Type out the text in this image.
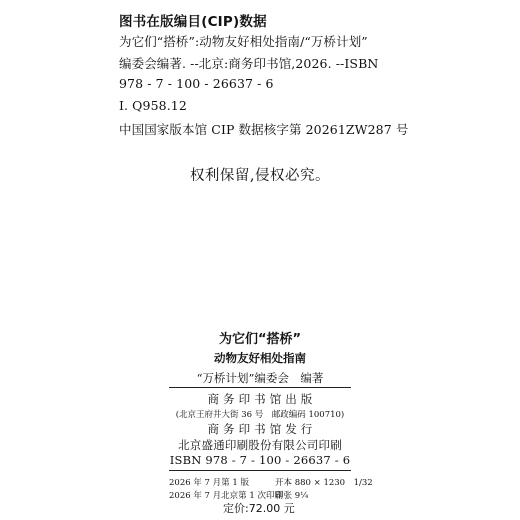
图书在版编目(CIP)数据
为它们“搭桥”:动物友好相处指南/“万桥计划”
编委会编著. --北京:商务印书馆,2026. --ISBN
978 - 7 - 100 - 26637 - 6
Ⅰ. Q958.12
中国国家版本馆 CIP 数据核字第 20261ZW287 号
权利保留,侵权必究。
为它们“搭桥”
动物友好相处指南
“万桥计划”编委会　编著
商 务 印 书 馆 出 版
(北京王府井大街 36 号　邮政编码 100710)
商 务 印 书 馆 发 行
北京盛通印刷股份有限公司印刷
ISBN 978 - 7 - 100 - 26637 - 6
2026 年 7 月第 1 版	开本 880 × 1230　1/32
2026 年 7 月北京第 1 次印刷
印张 9¼
定价:72.00 元
